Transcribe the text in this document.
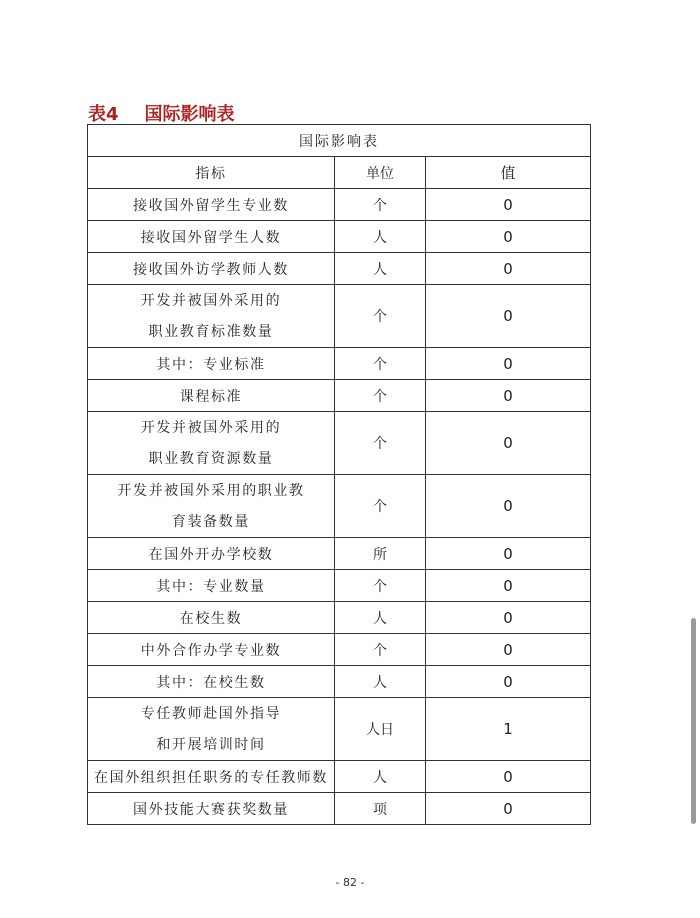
表4 国际影响表
国际影响表
指标	单位	值
接收国外留学生专业数	个	0
接收国外留学生人数	人	0
接收国外访学教师人数	人	0
开发并被国外采用的
职业教育标准数量
个	0
其中：专业标准	个	0
课程标准	个	0
开发并被国外采用的
职业教育资源数量
个	0
开发并被国外采用的职业教
育装备数量
个	0
在国外开办学校数	所	0
其中：专业数量	个	0
在校生数	人	0
中外合作办学专业数	个	0
其中：在校生数	人	0
专任教师赴国外指导
和开展培训时间
人日	1
在国外组织担任职务的专任教师数	人	0
国外技能大赛获奖数量	项	0
- 82 -
